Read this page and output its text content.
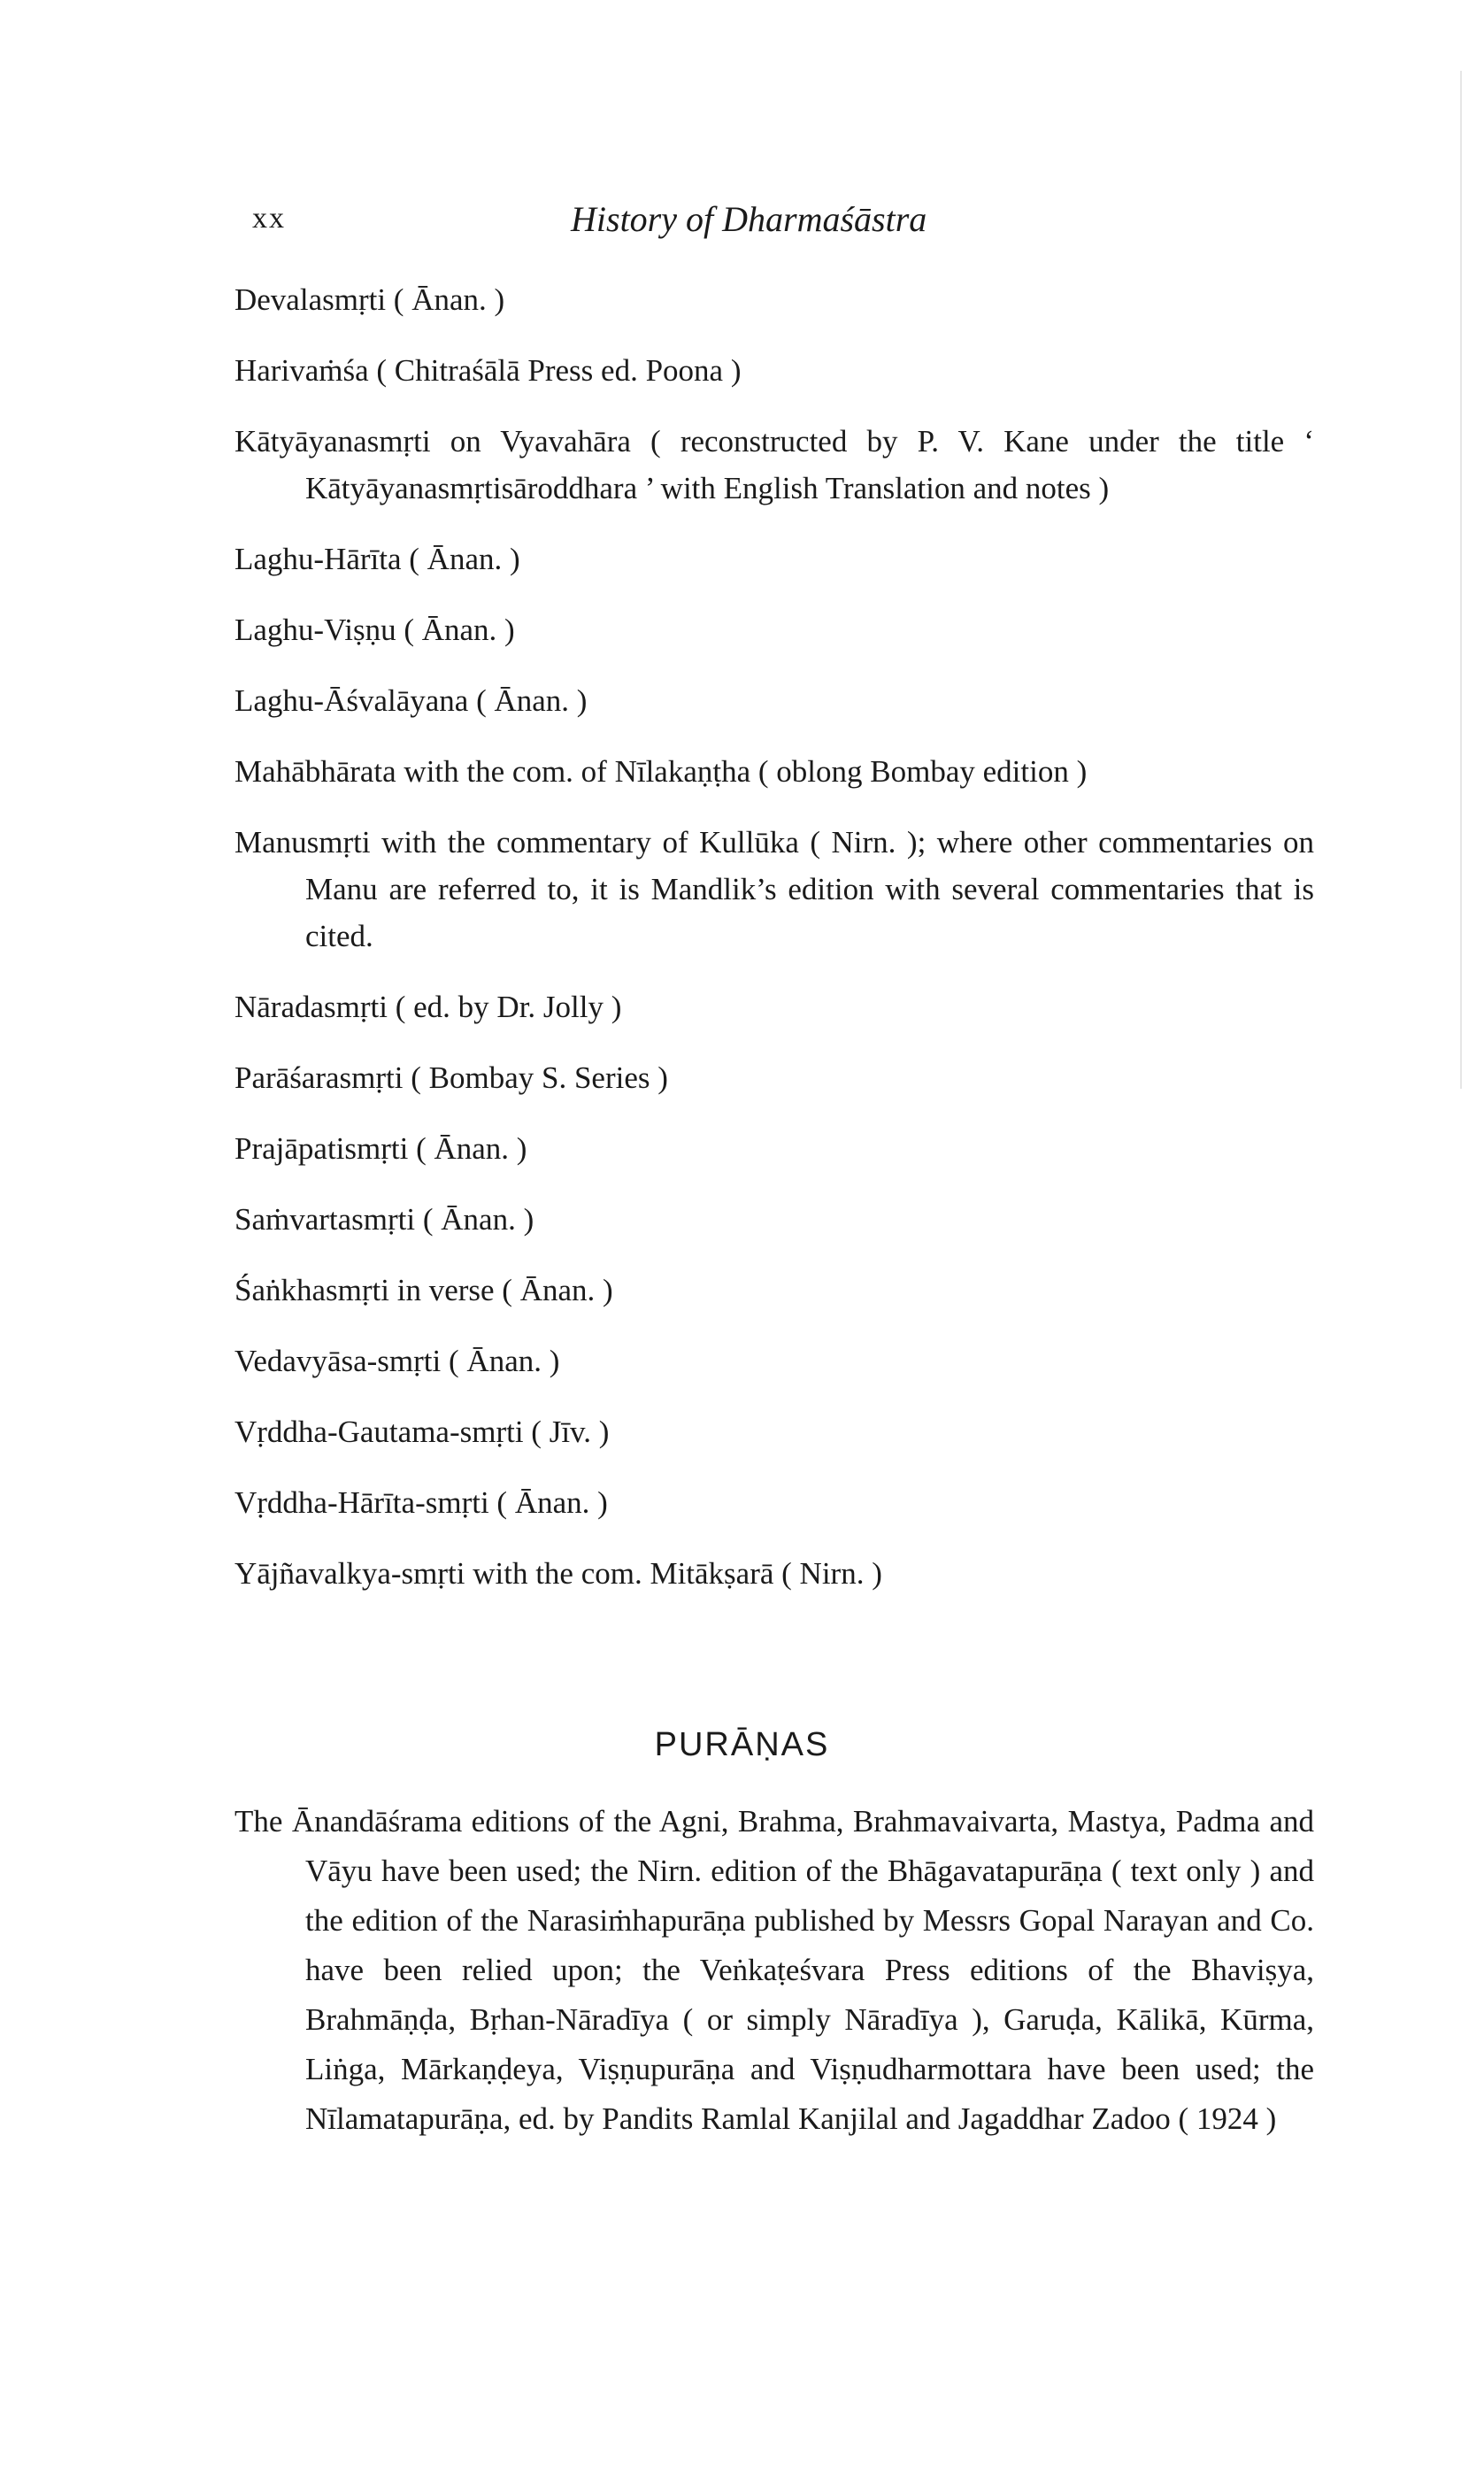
xx	History of Dharmaśāstra
Devalasmṛti ( Ānan. )
Harivaṁśa ( Chitraśālā Press ed. Poona )
Kātyāyanasmṛti on Vyavahāra ( reconstructed by P. V. Kane under the title ‘ Kātyāyanasmṛtisāroddhara ’ with English Translation and notes )
Laghu-Hārīta ( Ānan. )
Laghu-Viṣṇu ( Ānan. )
Laghu-Āśvalāyana ( Ānan. )
Mahābhārata with the com. of Nīlakaṇṭha ( oblong Bombay edition )
Manusmṛti with the commentary of Kullūka ( Nirn. ); where other commentaries on Manu are referred to, it is Mandlik’s edition with several commentaries that is cited.
Nāradasmṛti ( ed. by Dr. Jolly )
Parāśarasmṛti ( Bombay S. Series )
Prajāpatismṛti ( Ānan. )
Saṁvartasmṛti ( Ānan. )
Śaṅkhasmṛti in verse ( Ānan. )
Vedavyāsa-smṛti ( Ānan. )
Vṛddha-Gautama-smṛti ( Jīv. )
Vṛddha-Hārīta-smṛti ( Ānan. )
Yājñavalkya-smṛti with the com. Mitākṣarā ( Nirn. )
PURĀṆAS
The Ānandāśrama editions of the Agni, Brahma, Brahmavaivarta, Mastya, Padma and Vāyu have been used; the Nirn. edition of the Bhāgavatapurāṇa ( text only ) and the edition of the Narasiṁhapurāṇa published by Messrs Gopal Narayan and Co. have been relied upon; the Veṅkaṭeśvara Press editions of the Bhaviṣya, Brahmāṇḍa, Bṛhan-Nāradīya ( or simply Nāradīya ), Garuḍa, Kālikā, Kūrma, Liṅga, Mārkaṇḍeya, Viṣṇupurāṇa and Viṣṇudharmottara have been used; the Nīlamatapurāṇa, ed. by Pandits Ramlal Kanjilal and Jagaddhar Zadoo ( 1924 )
